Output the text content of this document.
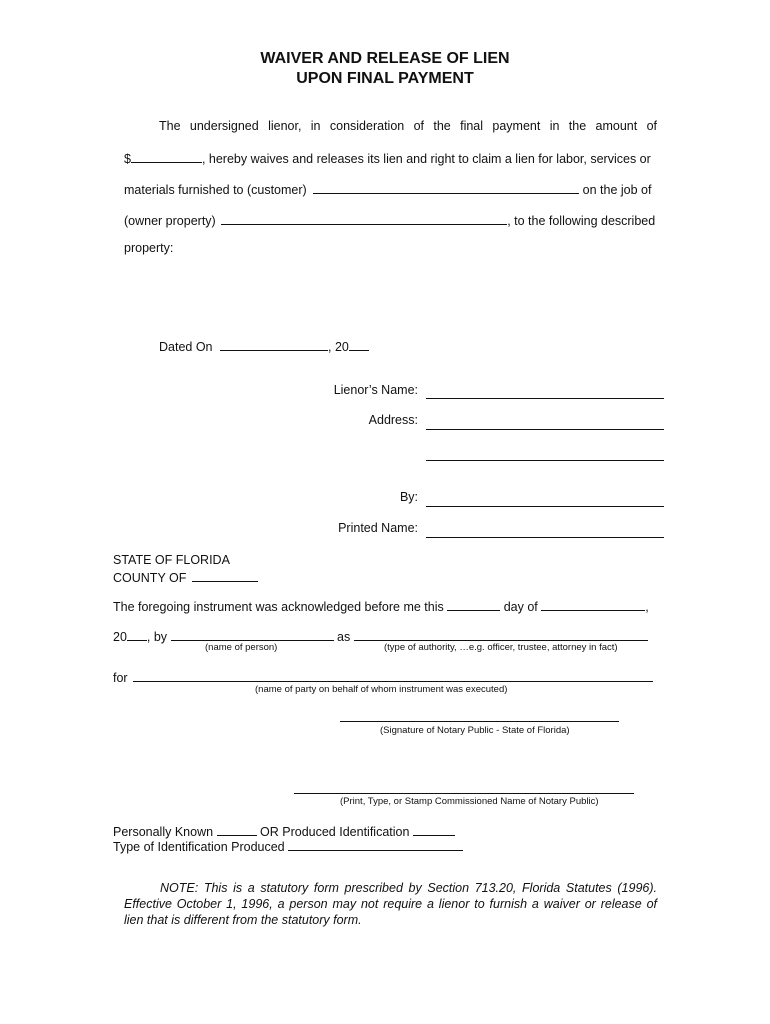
WAIVER AND RELEASE OF LIEN
UPON FINAL PAYMENT
The undersigned lienor, in consideration of the final payment in the amount of
$	, hereby waives and releases its lien and right to claim a lien for labor, services or
materials furnished to (customer)	on the job of
(owner property)	, to the following described
property:
Dated On	, 20
Lienor’s Name:
Address:
By:
Printed Name:
STATE OF FLORIDA
COUNTY OF
The foregoing instrument was acknowledged before me this	day of	,
20 , by	as
(name of person)	(type of authority, …e.g. officer, trustee, attorney in fact)
for
(name of party on behalf of whom instrument was executed)
(Signature of Notary Public - State of Florida)
(Print, Type, or Stamp Commissioned Name of Notary Public)
Personally Known	OR Produced Identification
Type of Identification Produced
NOTE: This is a statutory form prescribed by Section 713.20, Florida Statutes (1996).
Effective October 1, 1996, a person may not require a lienor to furnish a waiver or release of
lien that is different from the statutory form.
